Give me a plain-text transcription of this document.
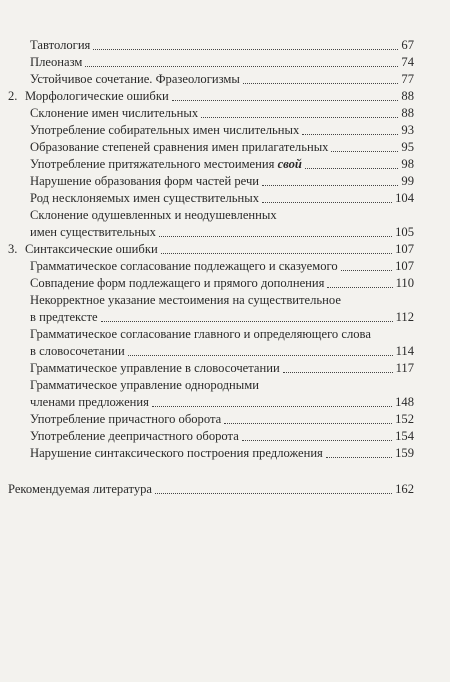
Тавтология	67
Плеоназм	74
Устойчивое сочетание. Фразеологизмы	77
2. Морфологические ошибки	88
Склонение имен числительных	88
Употребление собирательных имен числительных	93
Образование степеней сравнения имен прилагательных	95
Употребление притяжательного местоимения свой	98
Нарушение образования форм частей речи	99
Род несклоняемых имен существительных	104
Склонение одушевленных и неодушевленных
имен существительных	105
3. Синтаксические ошибки	107
Грамматическое согласование подлежащего и сказуемого	107
Совпадение форм подлежащего и прямого дополнения	110
Некорректное указание местоимения на существительное
в предтексте	112
Грамматическое согласование главного и определяющего слова
в словосочетании	114
Грамматическое управление в словосочетании	117
Грамматическое управление однородными
членами предложения	148
Употребление причастного оборота	152
Употребление деепричастного оборота	154
Нарушение синтаксического построения предложения	159
Рекомендуемая литература	162
